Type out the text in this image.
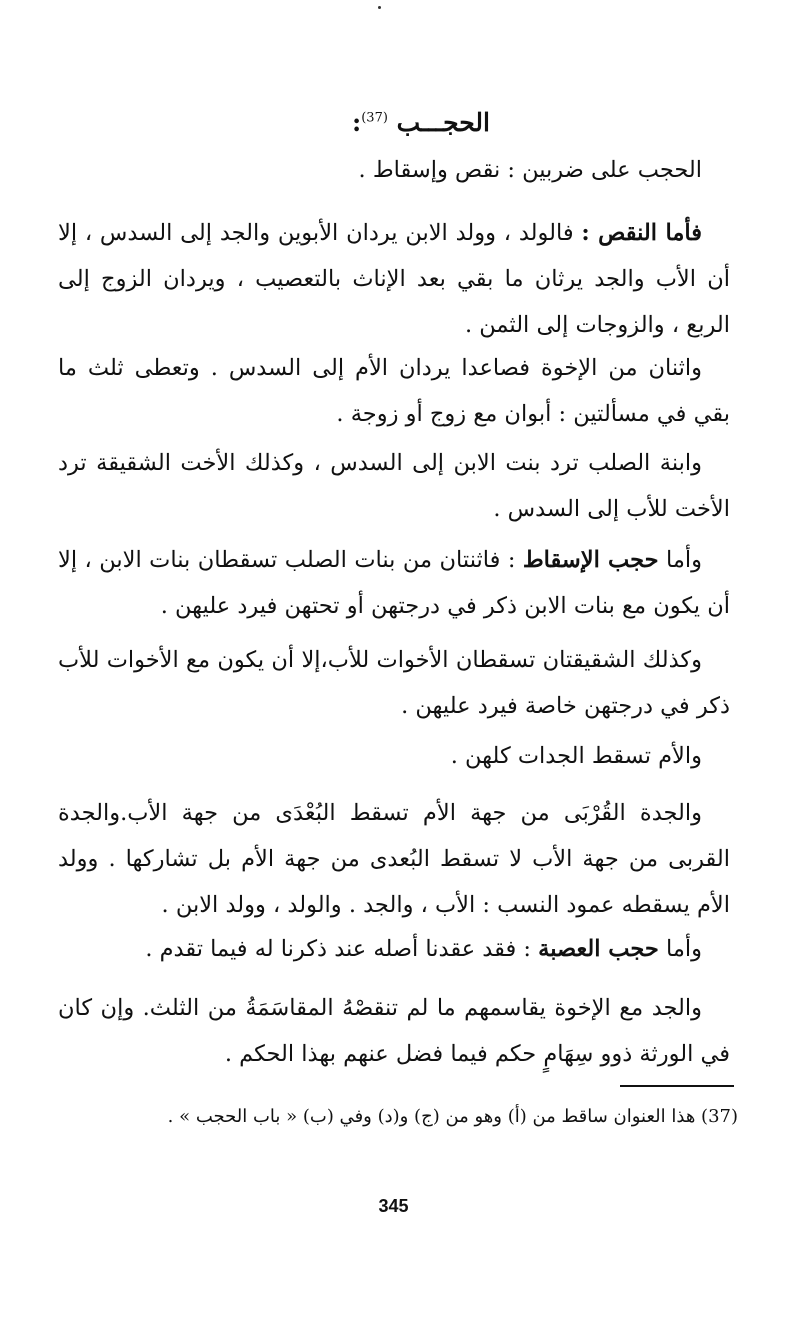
الحجـــب $^{(37)}$:
الحجب على ضربين : نقص وإسقاط .
فأما النقص : فالولد ، وولد الابن يردان الأبوين والجد إلى السدس ، إلا أن الأب والجد يرثان ما بقي بعد الإناث بالتعصيب ، ويردان الزوج إلى الربع ، والزوجات إلى الثمن .
واثنان من الإخوة فصاعدا يردان الأم إلى السدس . وتعطى ثلث ما بقي في مسألتين : أبوان مع زوج أو زوجة .
وابنة الصلب ترد بنت الابن إلى السدس ، وكذلك الأخت الشقيقة ترد الأخت للأب إلى السدس .
وأما حجب الإسقاط : فاثنتان من بنات الصلب تسقطان بنات الابن ، إلا أن يكون مع بنات الابن ذكر في درجتهن أو تحتهن فيرد عليهن .
وكذلك الشقيقتان تسقطان الأخوات للأب،إلا أن يكون مع الأخوات للأب ذكر في درجتهن خاصة فيرد عليهن .
والأم تسقط الجدات كلهن .
والجدة القُرْبَى من جهة الأم تسقط البُعْدَى من جهة الأب.والجدة القربى من جهة الأب لا تسقط البُعدى من جهة الأم بل تشاركها . وولد الأم يسقطه عمود النسب : الأب ، والجد . والولد ، وولد الابن .
وأما حجب العصبة : فقد عقدنا أصله عند ذكرنا له فيما تقدم .
والجد مع الإخوة يقاسمهم ما لم تنقصْهُ المقاسَمَةُ من الثلث. وإن كان في الورثة ذوو سِهَامٍ حكم فيما فضل عنهم بهذا الحكم .
(37) هذا العنوان ساقط من (أ) وهو من (ج) و(د) وفي (ب) « باب الحجب » .
345
